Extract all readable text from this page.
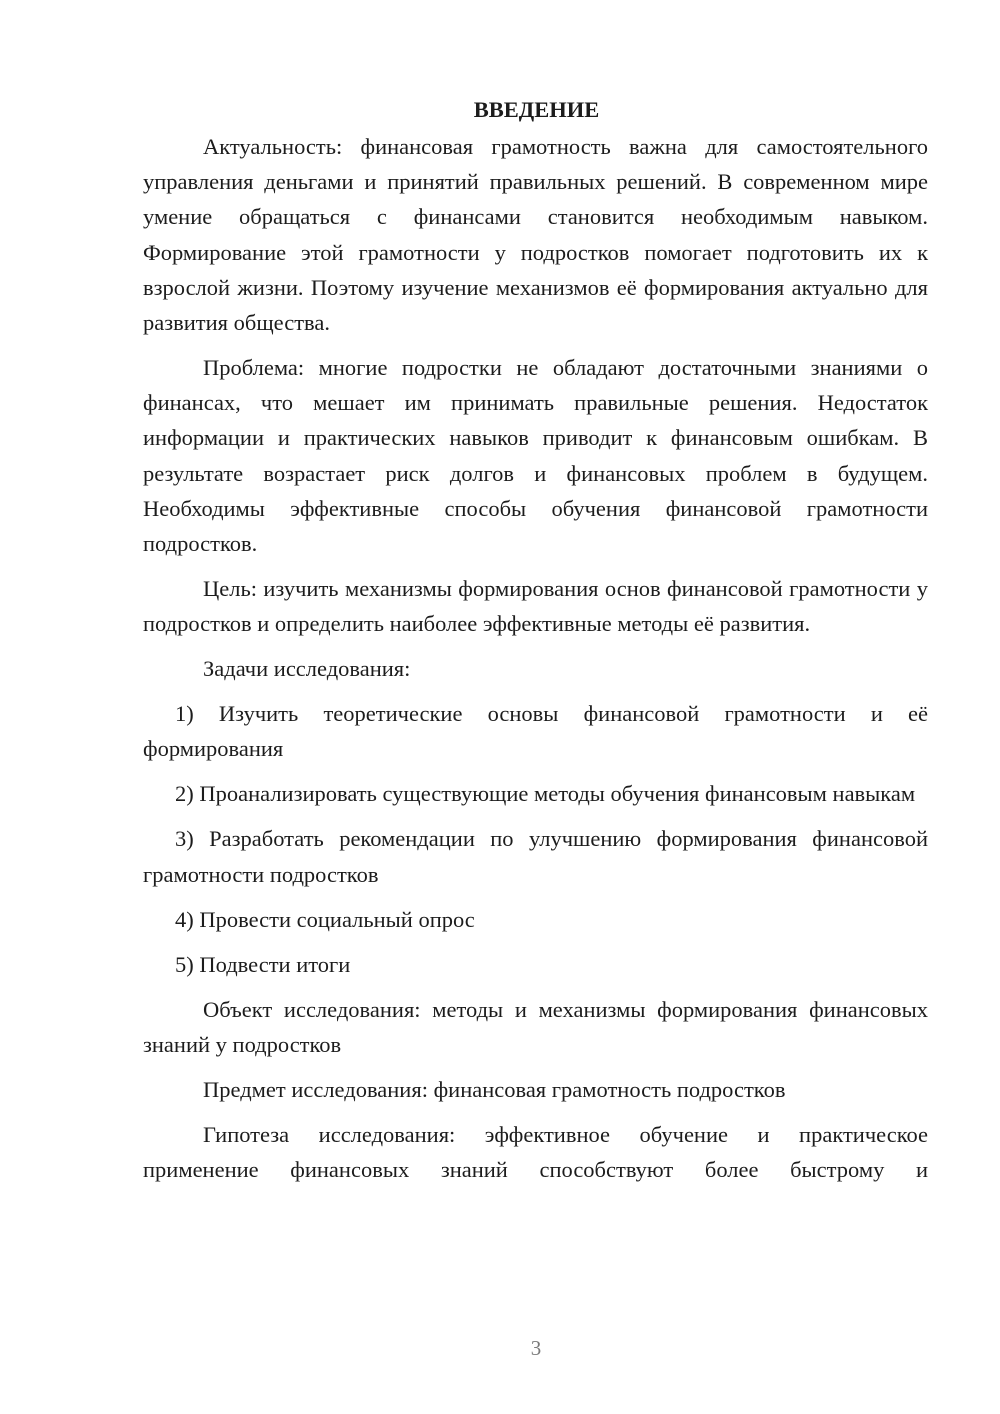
ВВЕДЕНИЕ

Актуальность: финансовая грамотность важна для самостоятельного управления деньгами и принятий правильных решений. В современном мире умение обращаться с финансами становится необходимым навыком. Формирование этой грамотности у подростков помогает подготовить их к взрослой жизни. Поэтому изучение механизмов её формирования актуально для развития общества.

Проблема: многие подростки не обладают достаточными знаниями о финансах, что мешает им принимать правильные решения. Недостаток информации и практических навыков приводит к финансовым ошибкам. В результате возрастает риск долгов и финансовых проблем в будущем. Необходимы эффективные способы обучения финансовой грамотности подростков.

Цель: изучить механизмы формирования основ финансовой грамотности у подростков и определить наиболее эффективные методы её развития.

Задачи исследования:

1) Изучить теоретические основы финансовой грамотности и её формирования

2) Проанализировать существующие методы обучения финансовым навыкам

3) Разработать рекомендации по улучшению формирования финансовой грамотности подростков

4) Провести социальный опрос

5) Подвести итоги

Объект исследования: методы и механизмы формирования финансовых знаний у подростков

Предмет исследования: финансовая грамотность подростков

Гипотеза исследования: эффективное обучение и практическое применение финансовых знаний способствуют более быстрому и

3
